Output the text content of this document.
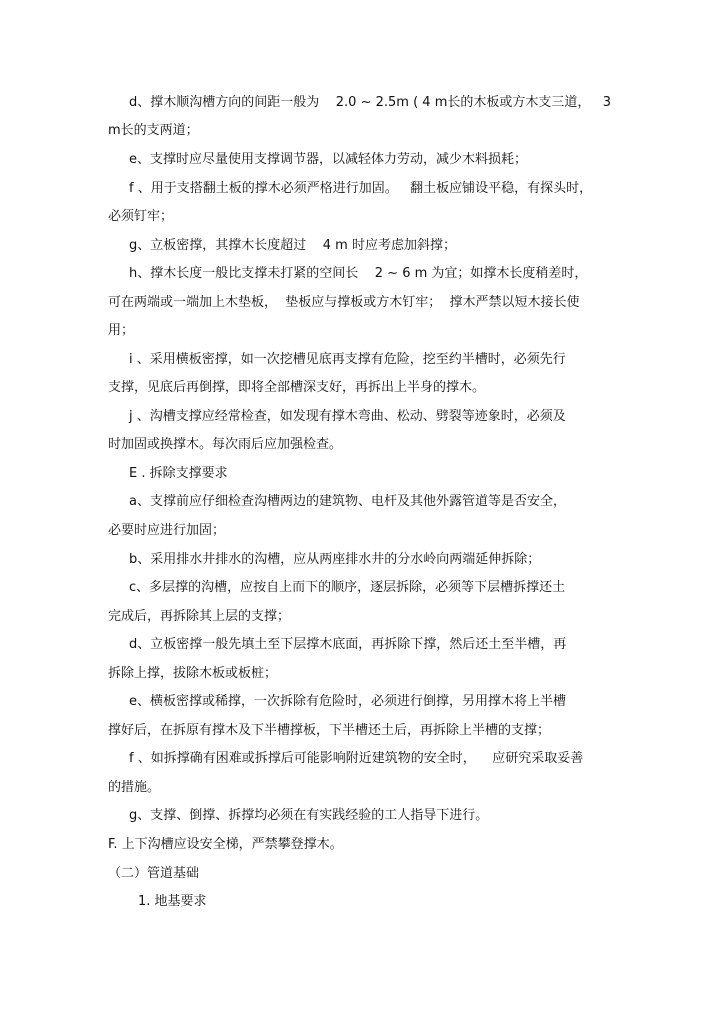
d、撑木顺沟槽方向的间距一般为    2.0 ~ 2.5m ( 4 m长的木板或方木支三道，   3
m长的支两道；
e、支撑时应尽量使用支撑调节器，以减轻体力劳动，减少木料损耗；
f 、用于支搭翻土板的撑木必须严格进行加固。   翻土板应铺设平稳，有探头时，
必须钉牢；
g、立板密撑，其撑木长度超过    4 m 时应考虑加斜撑；
h、撑木长度一般比支撑未打紧的空间长    2 ~ 6 m 为宜；如撑木长度稍差时，
可在两端或一端加上木垫板，  垫板应与撑板或方木钉牢；  撑木严禁以短木接长使
用；
i 、采用横板密撑，如一次挖槽见底再支撑有危险，挖至约半槽时，必须先行
支撑，见底后再倒撑，即将全部槽深支好，再拆出上半身的撑木。
j 、沟槽支撑应经常检查，如发现有撑木弯曲、松动、劈裂等迹象时，必须及
时加固或换撑木。每次雨后应加强检查。
E . 拆除支撑要求
a、支撑前应仔细检查沟槽两边的建筑物、电杆及其他外露管道等是否安全，
必要时应进行加固；
b、采用排水井排水的沟槽，应从两座排水井的分水岭向两端延伸拆除；
c、多层撑的沟槽，应按自上而下的顺序，逐层拆除，必须等下层槽拆撑还土
完成后，再拆除其上层的支撑；
d、立板密撑一般先填土至下层撑木底面，再拆除下撑，然后还土至半槽，再
拆除上撑，拔除木板或板桩；
e、横板密撑或稀撑，一次拆除有危险时，必须进行倒撑，另用撑木将上半槽
撑好后，在拆原有撑木及下半槽撑板，下半槽还土后，再拆除上半槽的支撑；
f 、如拆撑确有困难或拆撑后可能影响附近建筑物的安全时，    应研究采取妥善
的措施。
g、支撑、倒撑、拆撑均必须在有实践经验的工人指导下进行。
F. 上下沟槽应设安全梯，严禁攀登撑木。
（二）管道基础
1. 地基要求
